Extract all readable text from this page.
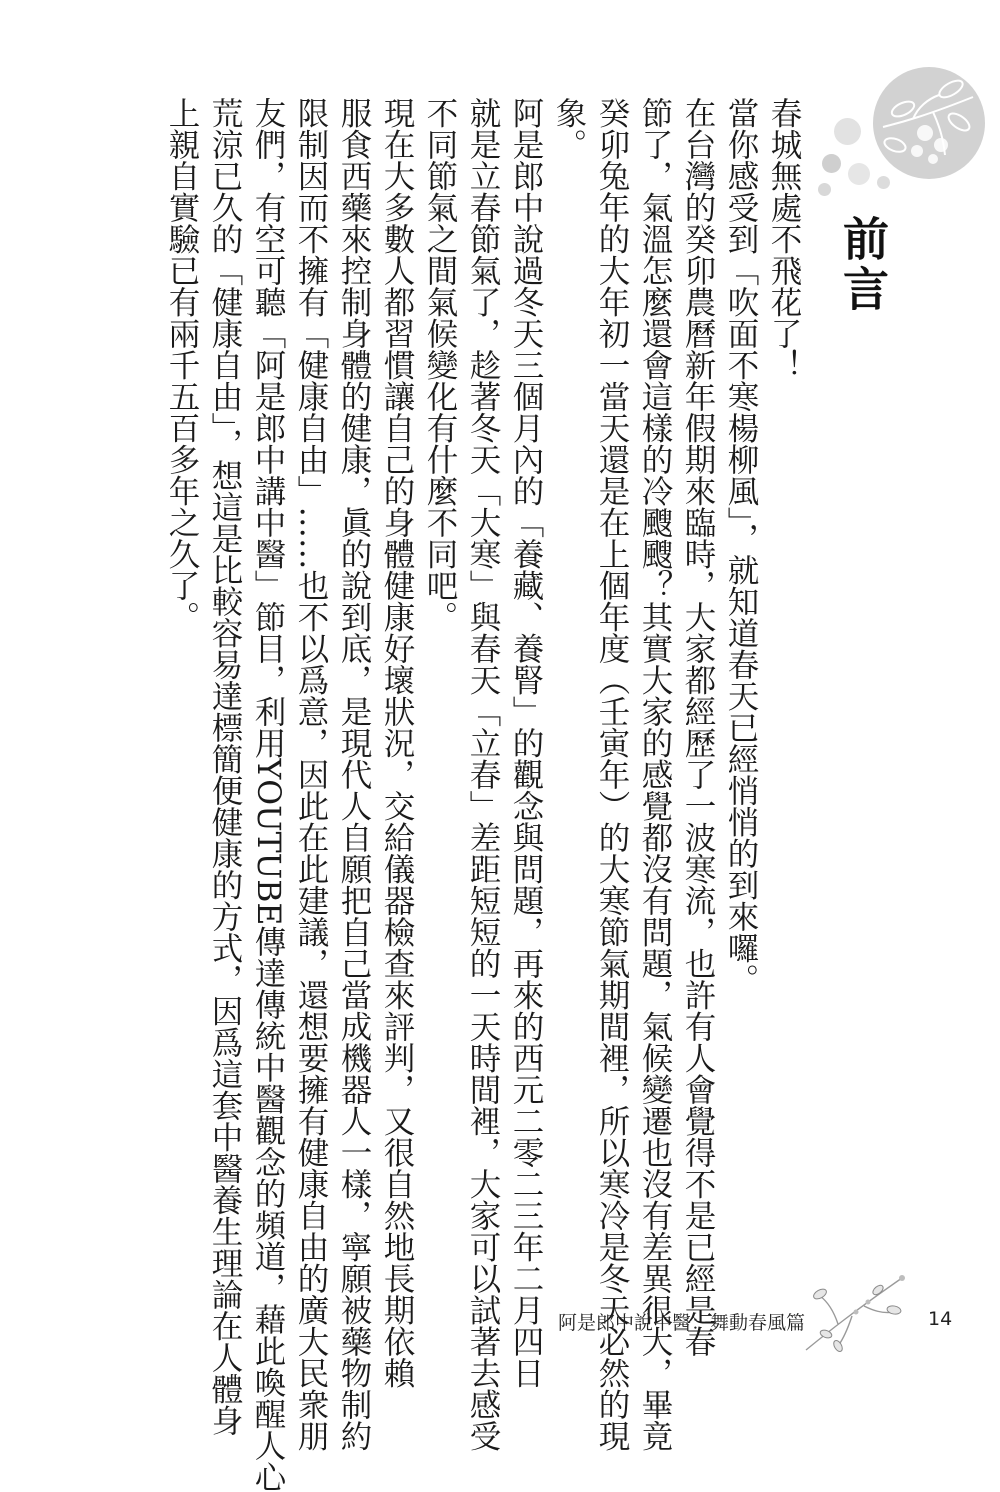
前言
春城無處不飛花了！
當你感受到「吹面不寒楊柳風」，就知道春天已經悄悄的到來囉。
在台灣的癸卯農曆新年假期來臨時，大家都經歷了一波寒流，也許有人會覺得不是已經是春
節了，氣溫怎麼還會這樣的冷颼颼？其實大家的感覺都沒有問題，氣候變遷也沒有差異很大，畢竟
癸卯兔年的大年初一當天還是在上個年度（壬寅年）的大寒節氣期間裡，所以寒冷是冬天必然的現
象。
阿是郎中說過冬天三個月內的「養藏、養腎」的觀念與問題，再來的西元二零二三年二月四日
就是立春節氣了，趁著冬天「大寒」與春天「立春」差距短短的一天時間裡，大家可以試著去感受
不同節氣之間氣候變化有什麼不同吧。
現在大多數人都習慣讓自己的身體健康好壞狀況，交給儀器檢查來評判，又很自然地長期依賴
服食西藥來控制身體的健康，眞的說到底，是現代人自願把自己當成機器人一樣，寧願被藥物制約
限制因而不擁有「健康自由」……也不以爲意，因此在此建議，還想要擁有健康自由的廣大民衆朋
友們，有空可聽「阿是郎中講中醫」節目，利用YOUTUBE傳達傳統中醫觀念的頻道，藉此喚醒人心
荒涼已久的「健康自由」，想這是比較容易達標簡便健康的方式，因爲這套中醫養生理論在人體身
上親自實驗已有兩千五百多年之久了。
阿是郎中說中醫：舞動春風篇	14
